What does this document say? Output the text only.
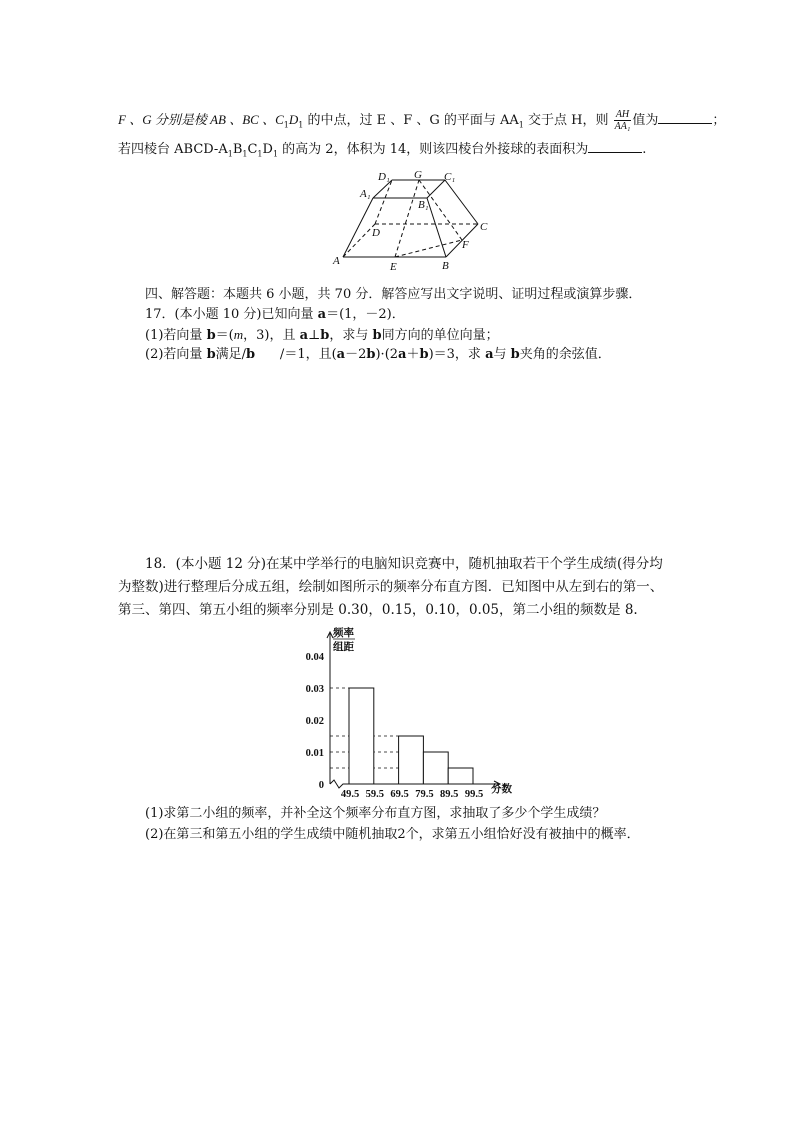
F 、G 分别是棱 AB 、BC 、$C_1D_1$ 的中点，过 E 、F 、G 的平面与 $AA_1$ 交于点 H，则 $\frac{AH}{\text{AA₁}}$ 值为	；
若四棱台 ABCD-$A_1B_1C_1D_1$ 的高为 2，体积为 14，则该四棱台外接球的表面积为	.
D₁ G C₁
A₁
B₁
D	C
F
A	E	B
四、解答题：本题共 6 小题，共 70 分．解答应写出文字说明、证明过程或演算步骤．
17．(本小题 10 分)已知向量 a＝(1，－2)．
(1)若向量 b＝(m，3)，且 a⊥b，求与 b同方向的单位向量；
(2)若向量 b满足/b      /＝1，且(a－2b)·(2a＋b)＝3，求 a与 b夹角的余弦值．
18．(本小题 12 分)在某中学举行的电脑知识竞赛中，随机抽取若干个学生成绩(得分均
为整数)进行整理后分成五组，绘制如图所示的频率分布直方图．已知图中从左到右的第一、
第三、第四、第五小组的频率分别是 0.30，0.15，0.10，0.05，第二小组的频数是 8.
0
0.01
0.02
0.03
0.04
49.5 59.5 69.5 79.5 89.5 99.5
频率
组距
分数
(1)求第二小组的频率，并补全这个频率分布直方图，求抽取了多少个学生成绩？
(2)在第三和第五小组的学生成绩中随机抽取2个，求第五小组恰好没有被抽中的概率．
